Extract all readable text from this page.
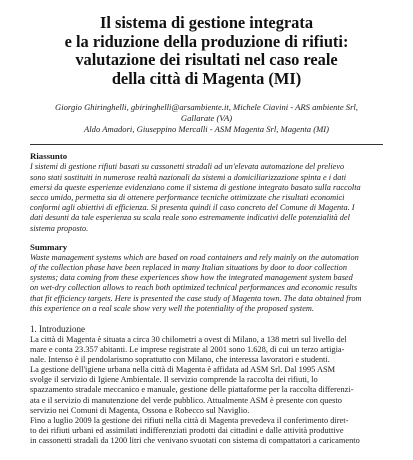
Il sistema di gestione integrata
e la riduzione della produzione di rifiuti:
valutazione dei risultati nel caso reale
della città di Magenta (MI)
Giorgio Ghiringhelli, gbiringhelli@arsambiente.it, Michele Ciavini - ARS ambiente Srl,
Gallarate (VA)
Aldo Amadori, Giuseppino Mercalli - ASM Magenta Srl, Magenta (MI)
Riassunto
I sistemi di gestione rifiuti basati su cassonetti stradali ad un'elevata automazione del prelievo
sono stati sostituiti in numerose realtà nazionali da sistemi a domiciliarizzazione spinta e i dati
emersi da queste esperienze evidenziano come il sistema di gestione integrato basato sulla raccolta
secco umido, permetta sia di ottenere performance tecniche ottimizzate che risultati economici
conformi agli obiettivi di efficienza. Si presenta quindi il caso concreto del Comune di Magenta. I
dati desunti da tale esperienza su scala reale sono estremamente indicativi delle potenzialità del
sistema proposto.
Summary
Waste management systems which are based on road containers and rely mainly on the automation
of the collection phase have been replaced in many Italian situations by door to door collection
systems; data coming from these experiences show how the integrated management system based
on wet-dry collection allows to reach both optimized technical performances and economic results
that fit efficiency targets. Here is presented the case study of Magenta town. The data obtained from
this experience on a real scale show very well the potentiality of the proposed system.
1. Introduzione
La città di Magenta è situata a circa 30 chilometri a ovest di Milano, a 138 metri sul livello del
mare e conta 23.357 abitanti. Le imprese registrate al 2001 sono 1.628, di cui un terzo artigia-
nale. Intenso è il pendolarismo soprattutto con Milano, che interessa lavoratori e studenti.
La gestione dell'igiene urbana nella città di Magenta è affidata ad ASM Srl. Dal 1995 ASM
svolge il servizio di Igiene Ambientale. Il servizio comprende la raccolta dei rifiuti, lo
spazzamento stradale meccanico e manuale, gestione delle piattaforme per la raccolta differenzi-
ata e il servizio di manutenzione del verde pubblico. Attualmente ASM è presente con questo
servizio nei Comuni di Magenta, Ossona e Robecco sul Naviglio.
Fino a luglio 2009 la gestione dei rifiuti nella città di Magenta prevedeva il conferimento diret-
to dei rifiuti urbani ed assimilati indifferenziati prodotti dai cittadini e dalle attività produttive
in cassonetti stradali da 1200 litri che venivano svuotati con sistema di compattatori a caricamento
